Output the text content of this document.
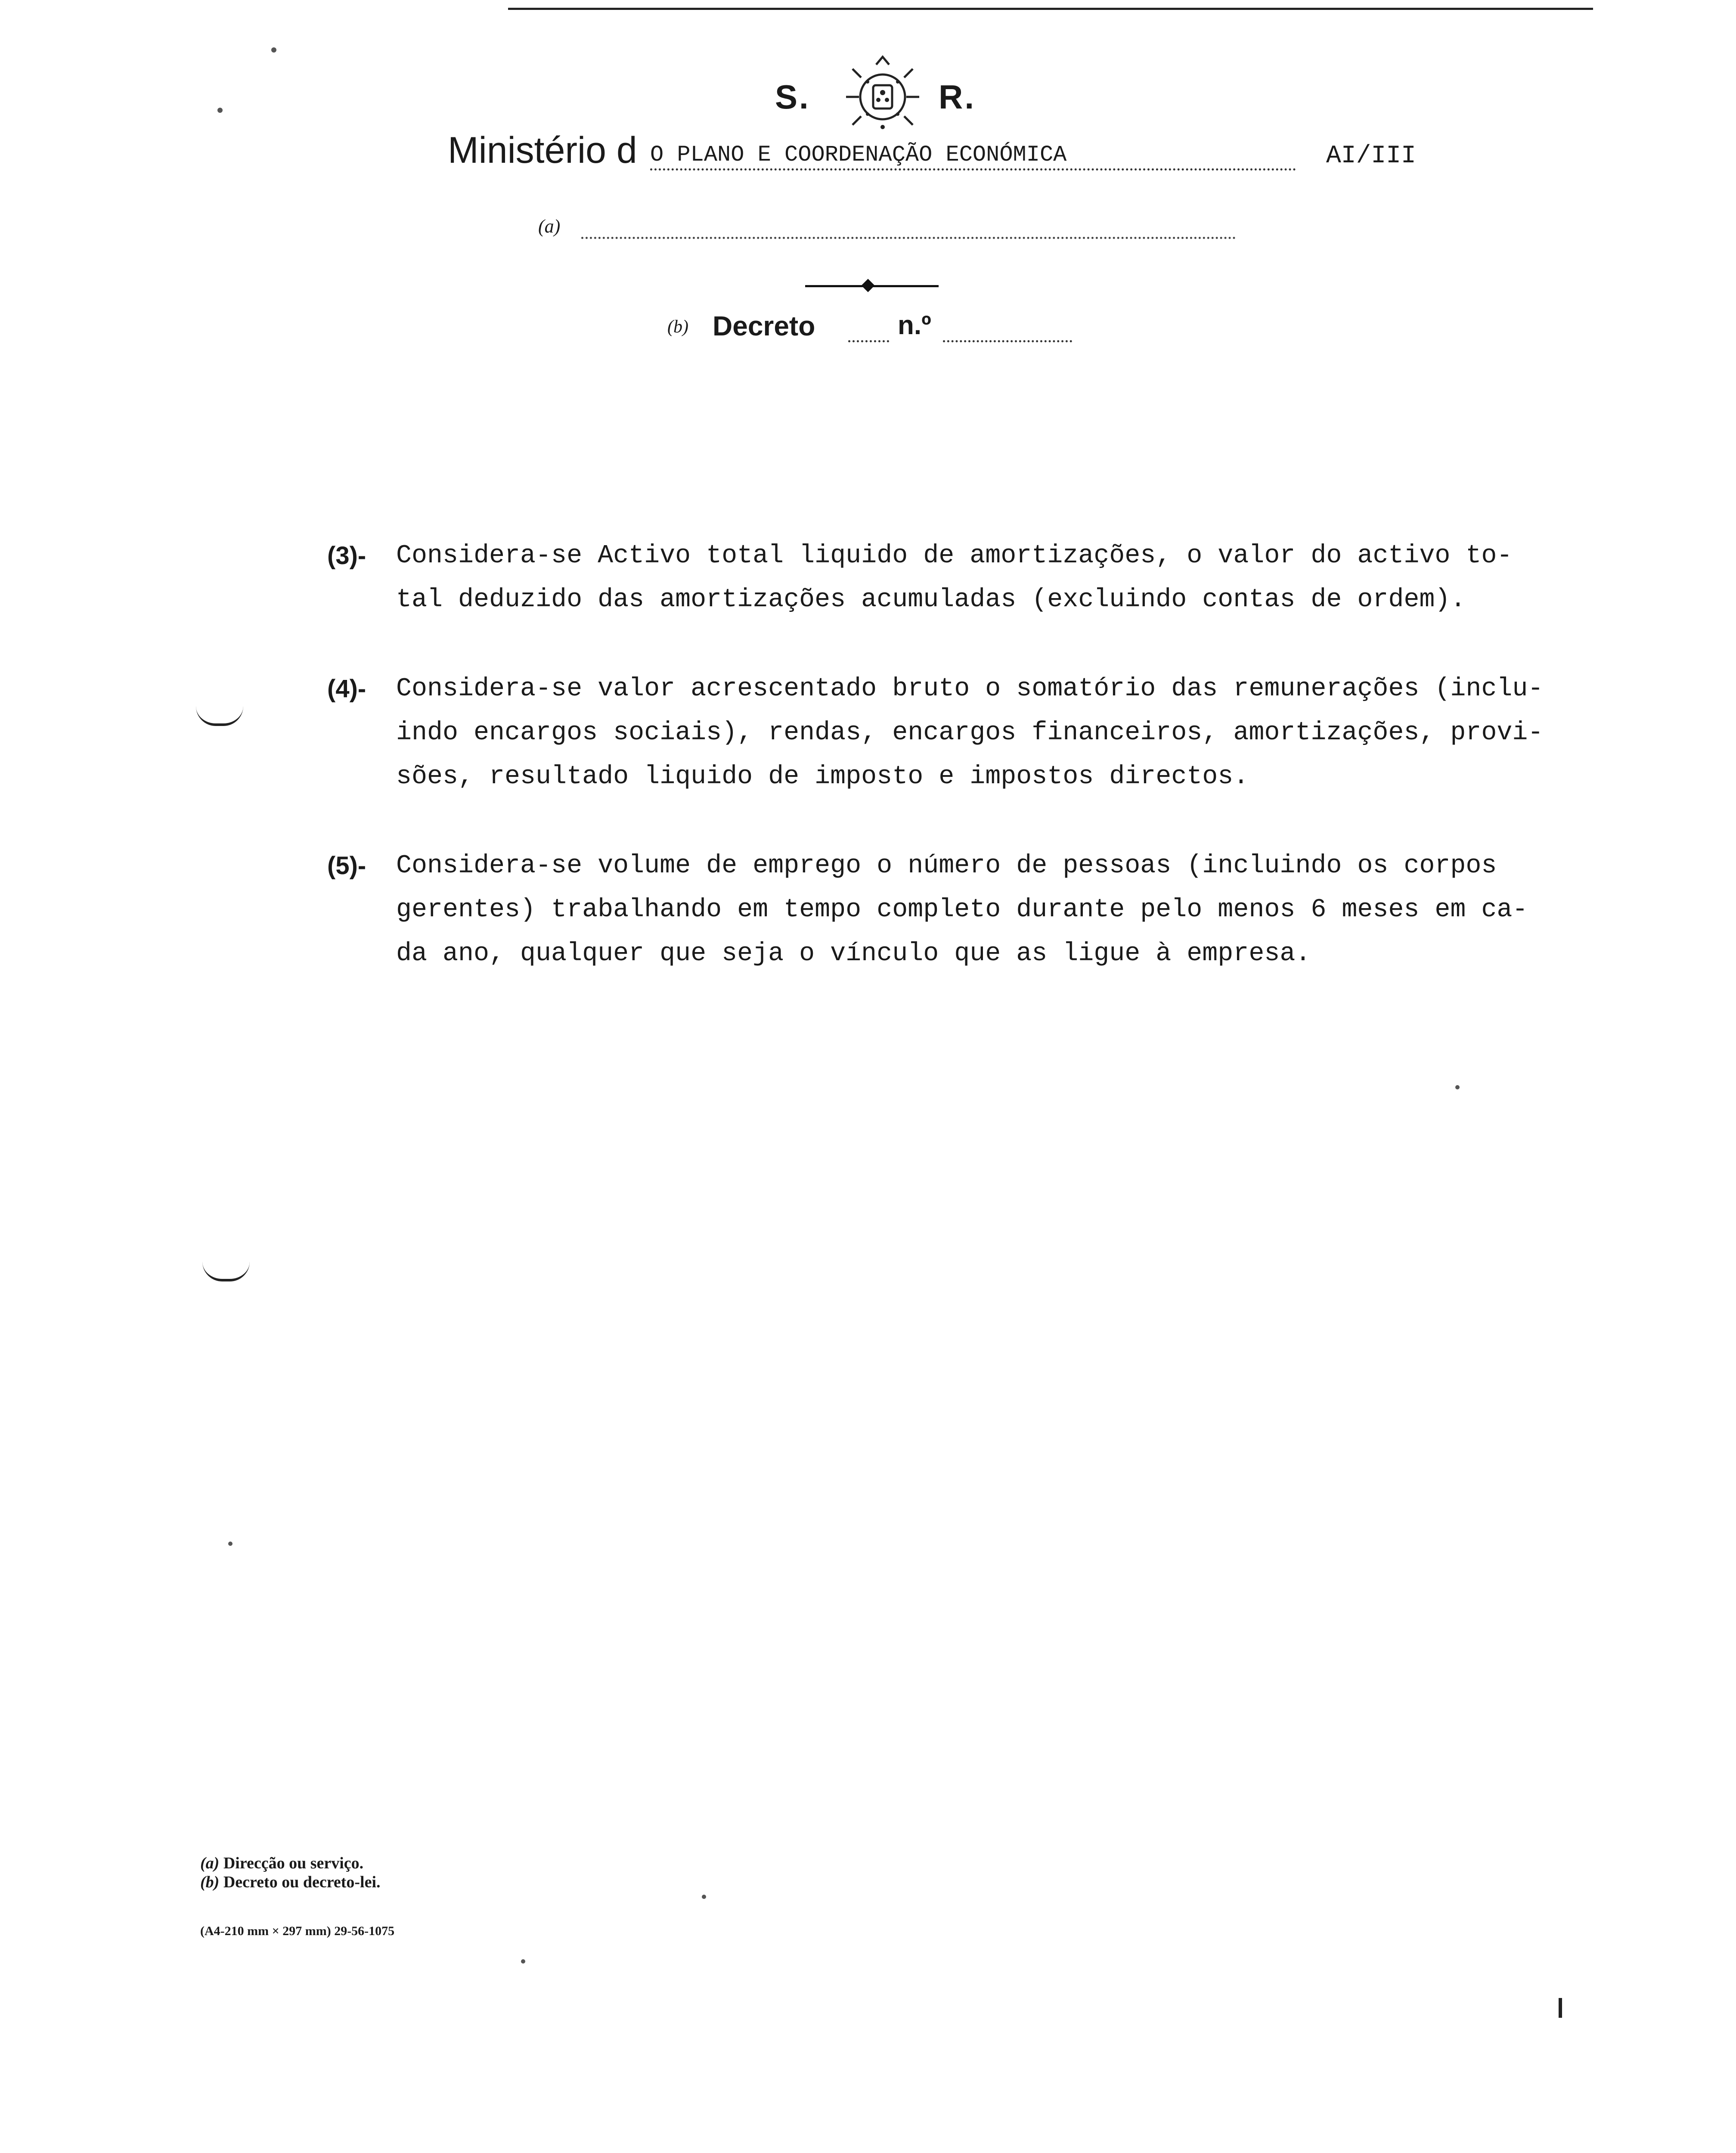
S.	R.
Ministério d O PLANO E COORDENAÇÃO ECONÓMICA	AI/III
(a)
(b) Decreto	n.º
(3)-	Considera-se Activo total liquido de amortizações, o valor do activo to-
tal deduzido das amortizações acumuladas (excluindo contas de ordem).
(4)-	Considera-se valor acrescentado bruto o somatório das remunerações (inclu-
indo encargos sociais), rendas, encargos financeiros, amortizações, provi-
sões, resultado liquido de imposto e impostos directos.
(5)-	Considera-se volume de emprego o número de pessoas (incluindo os corpos
gerentes) trabalhando em tempo completo durante pelo menos 6 meses em ca-
da ano, qualquer que seja o vínculo que as ligue à empresa.
(a) Direcção ou serviço.
(b) Decreto ou decreto-lei.
(A4-210 mm × 297 mm) 29-56-1075
